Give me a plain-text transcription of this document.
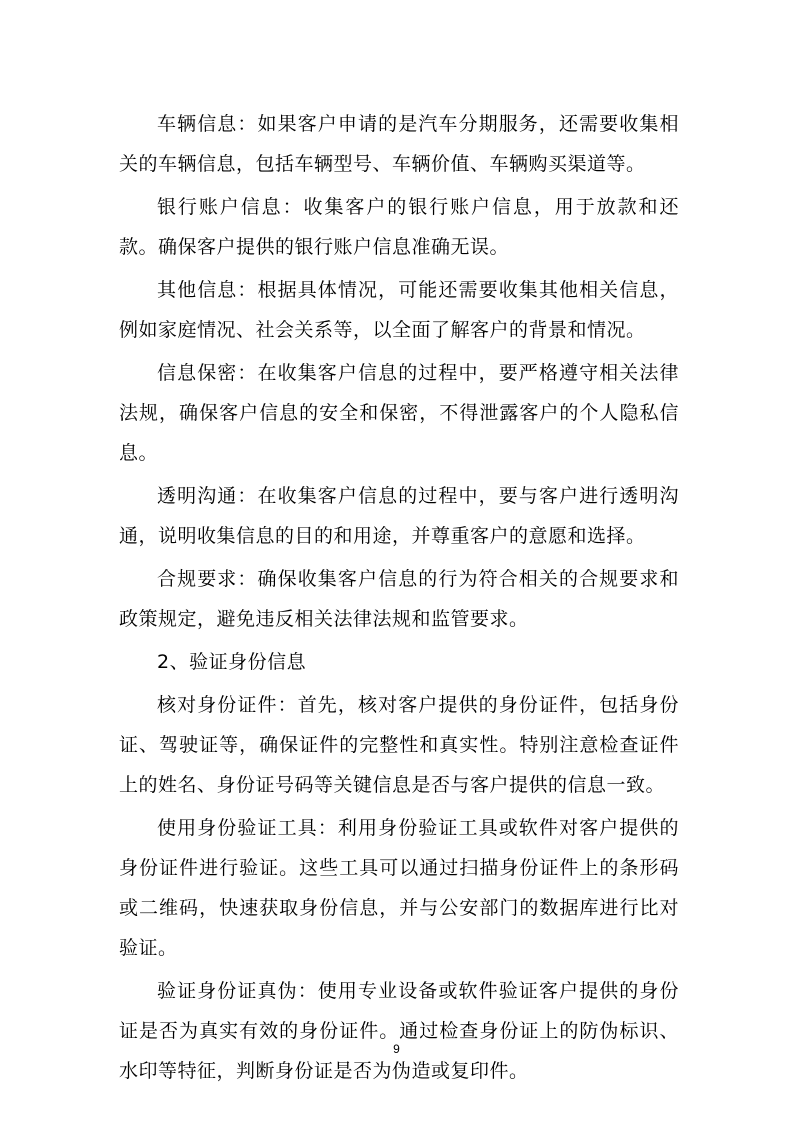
车辆信息：如果客户申请的是汽车分期服务，还需要收集相关的车辆信息，包括车辆型号、车辆价值、车辆购买渠道等。

银行账户信息：收集客户的银行账户信息，用于放款和还款。确保客户提供的银行账户信息准确无误。

其他信息：根据具体情况，可能还需要收集其他相关信息，例如家庭情况、社会关系等，以全面了解客户的背景和情况。

信息保密：在收集客户信息的过程中，要严格遵守相关法律法规，确保客户信息的安全和保密，不得泄露客户的个人隐私信息。

透明沟通：在收集客户信息的过程中，要与客户进行透明沟通，说明收集信息的目的和用途，并尊重客户的意愿和选择。

合规要求：确保收集客户信息的行为符合相关的合规要求和政策规定，避免违反相关法律法规和监管要求。

2、验证身份信息

核对身份证件：首先，核对客户提供的身份证件，包括身份证、驾驶证等，确保证件的完整性和真实性。特别注意检查证件上的姓名、身份证号码等关键信息是否与客户提供的信息一致。

使用身份验证工具：利用身份验证工具或软件对客户提供的身份证件进行验证。这些工具可以通过扫描身份证件上的条形码或二维码，快速获取身份信息，并与公安部门的数据库进行比对验证。

验证身份证真伪：使用专业设备或软件验证客户提供的身份证是否为真实有效的身份证件。通过检查身份证上的防伪标识、水印等特征，判断身份证是否为伪造或复印件。

9
